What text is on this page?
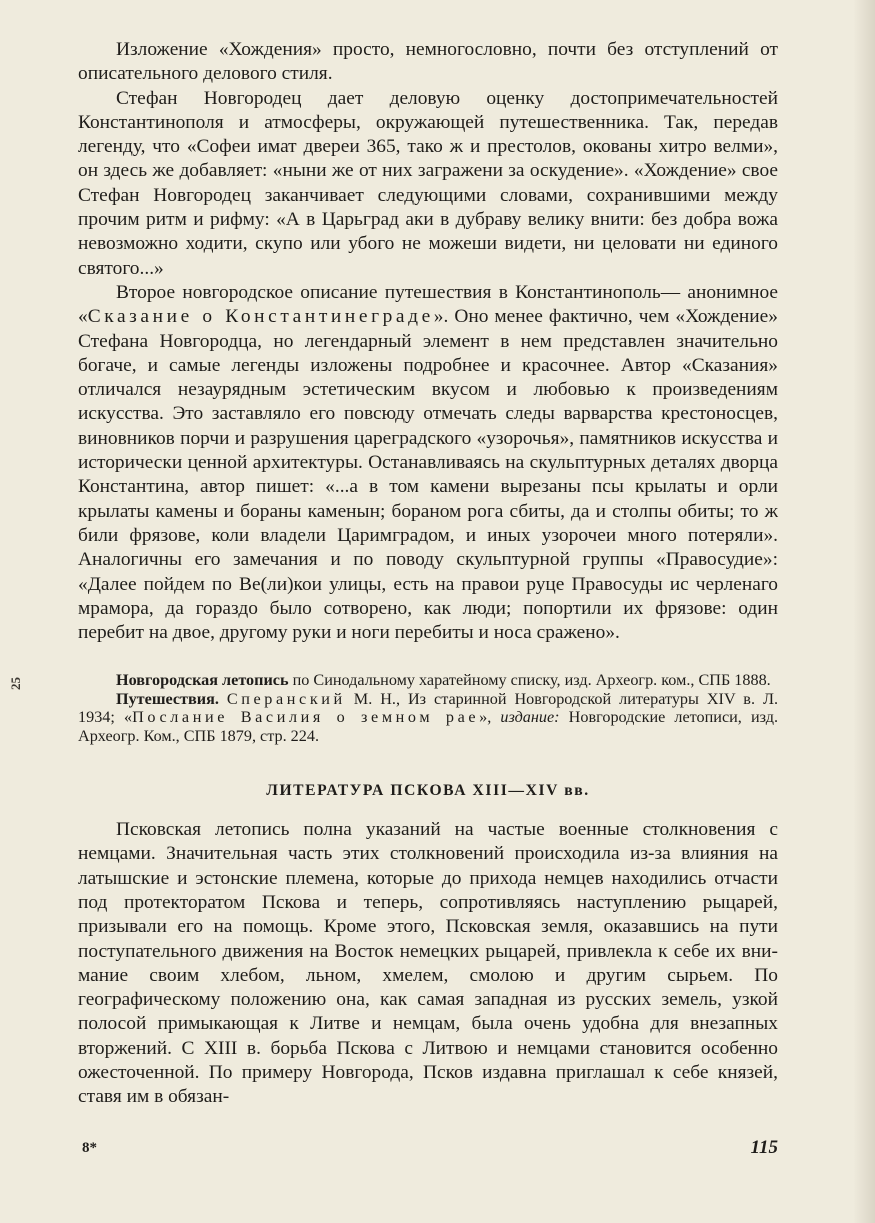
25

Изложение «Хождения» просто, немногословно, почти без отступлений от описательного делового стиля.

Стефан Новгородец дает деловую оценку достопримечательностей Константинополя и атмосферы, окружающей путешественника. Так, передав легенду, что «Софеи имат двереи 365, тако ж и престолов, окованы хитро велми», он здесь же добавляет: «ныни же от них загражени за оскудение». «Хождение» свое Стефан Новгородец заканчивает следующими словами, сохранившими между прочим ритм и рифму: «А в Царьград аки в дубраву велику внити: без добра вожа невозможно ходити, скупо или убого не можеши видети, ни целовати ни единого святого...»

Второе новгородское описание путешествия в Константинополь— анонимное «Сказание о Константинеграде». Оно менее фактично, чем «Хождение» Стефана Новгородца, но легендарный элемент в нем представлен значительно богаче, и самые легенды изложены подробнее и красочнее. Автор «Сказания» отличался незаурядным эстетическим вкусом и любовью к произведениям искусства. Это заставляло его повсюду отмечать следы варварства крестоносцев, виновников порчи и разрушения цареградского «узорочья», памятников искусства и исторически ценной архитектуры. Останавливаясь на скульптурных деталях дворца Константина, автор пишет: «...а в том камени вырезаны псы крылаты и орли крылаты камены и бораны каменын; бораном рога сбиты, да и столпы обиты; то ж били фрязове, коли владели Царимградом, и иных узорочеи много потеряли». Аналогичны его замечания и по поводу скульптурной группы «Правосудие»: «Далее пойдем по Ве(ли)кои улицы, есть на правои руце Правосуды ис черленаго мрамора, да гораздо было сотворено, как люди; попортили их фрязове: один перебит на двое, другому руки и ноги перебиты и носа сражено».

Новгородская летопись по Синодальному харатейному списку, изд. Археогр. ком., СПБ 1888.

Путешествия. Сперанский М. Н., Из старинной Новгородской литературы XIV в. Л. 1934; «Послание Василия о земном рае», издание: Новгородские летописи, изд. Археогр. Ком., СПБ 1879, стр. 224.

ЛИТЕРАТУРА ПСКОВА XIII—XIV вв.

Псковская летопись полна указаний на частые военные столкновения с немцами. Значительная часть этих столкновений происходила из-за влияния на латышские и эстонские племена, которые до прихода немцев находились отчасти под протекторатом Пскова и теперь, сопротивляясь наступлению рыцарей, призывали его на помощь. Кроме этого, Псковская земля, оказавшись на пути поступательного движения на Восток немецких рыцарей, привлекла к себе их внимание своим хлебом, льном, хмелем, смолою и другим сырьем. По географическому положению она, как самая западная из русских земель, узкой полосой примыкающая к Литве и немцам, была очень удобна для внезапных вторжений. С XIII в. борьба Пскова с Литвою и немцами становится особенно ожесточенной. По примеру Новгорода, Псков издавна приглашал к себе князей, ставя им в обязан-

8*	115
